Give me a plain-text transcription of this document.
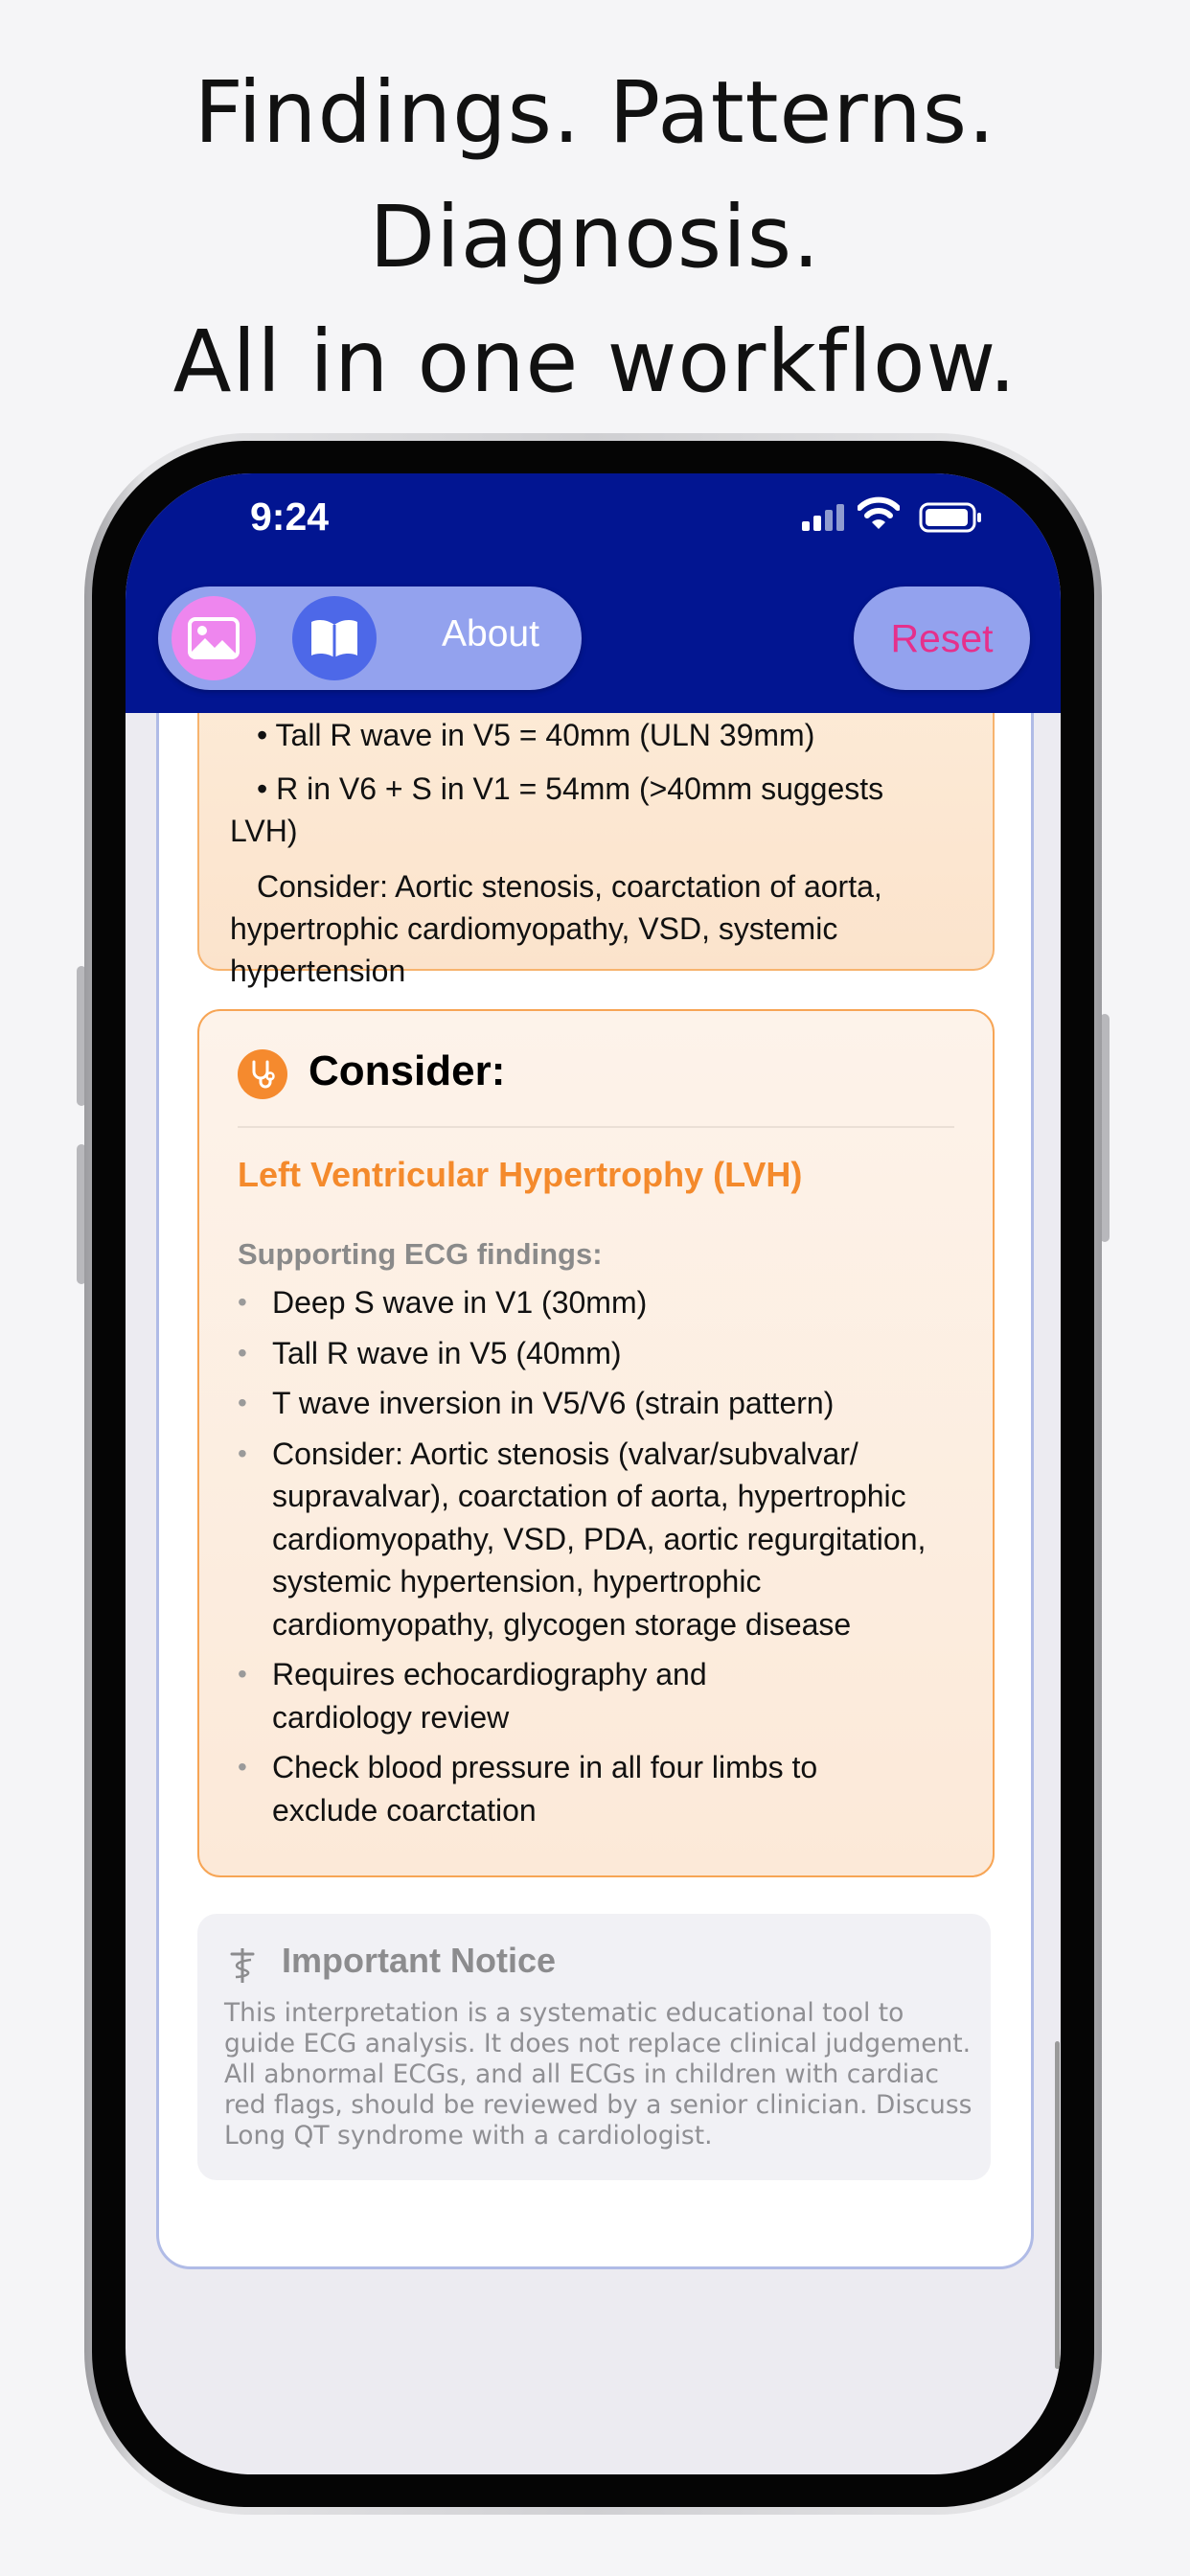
Findings. Patterns.
Diagnosis.
All in one workflow.
9:24
About	Reset
• Tall R wave in V5 = 40mm (ULN 39mm)
• R in V6 + S in V1 = 54mm (>40mm suggests LVH)
Consider: Aortic stenosis, coarctation of aorta, hypertrophic cardiomyopathy, VSD, systemic hypertension
Consider:
Left Ventricular Hypertrophy (LVH)
Supporting ECG findings:
• Deep S wave in V1 (30mm)
• Tall R wave in V5 (40mm)
• T wave inversion in V5/V6 (strain pattern)
• Consider: Aortic stenosis (valvar/subvalvar/ supravalvar), coarctation of aorta, hypertrophic cardiomyopathy, VSD, PDA, aortic regurgitation, systemic hypertension, hypertrophic cardiomyopathy, glycogen storage disease
• Requires echocardiography and cardiology review
• Check blood pressure in all four limbs to exclude coarctation
Important Notice
This interpretation is a systematic educational tool to guide ECG analysis. It does not replace clinical judgement. All abnormal ECGs, and all ECGs in children with cardiac red flags, should be reviewed by a senior clinician. Discuss Long QT syndrome with a cardiologist.
